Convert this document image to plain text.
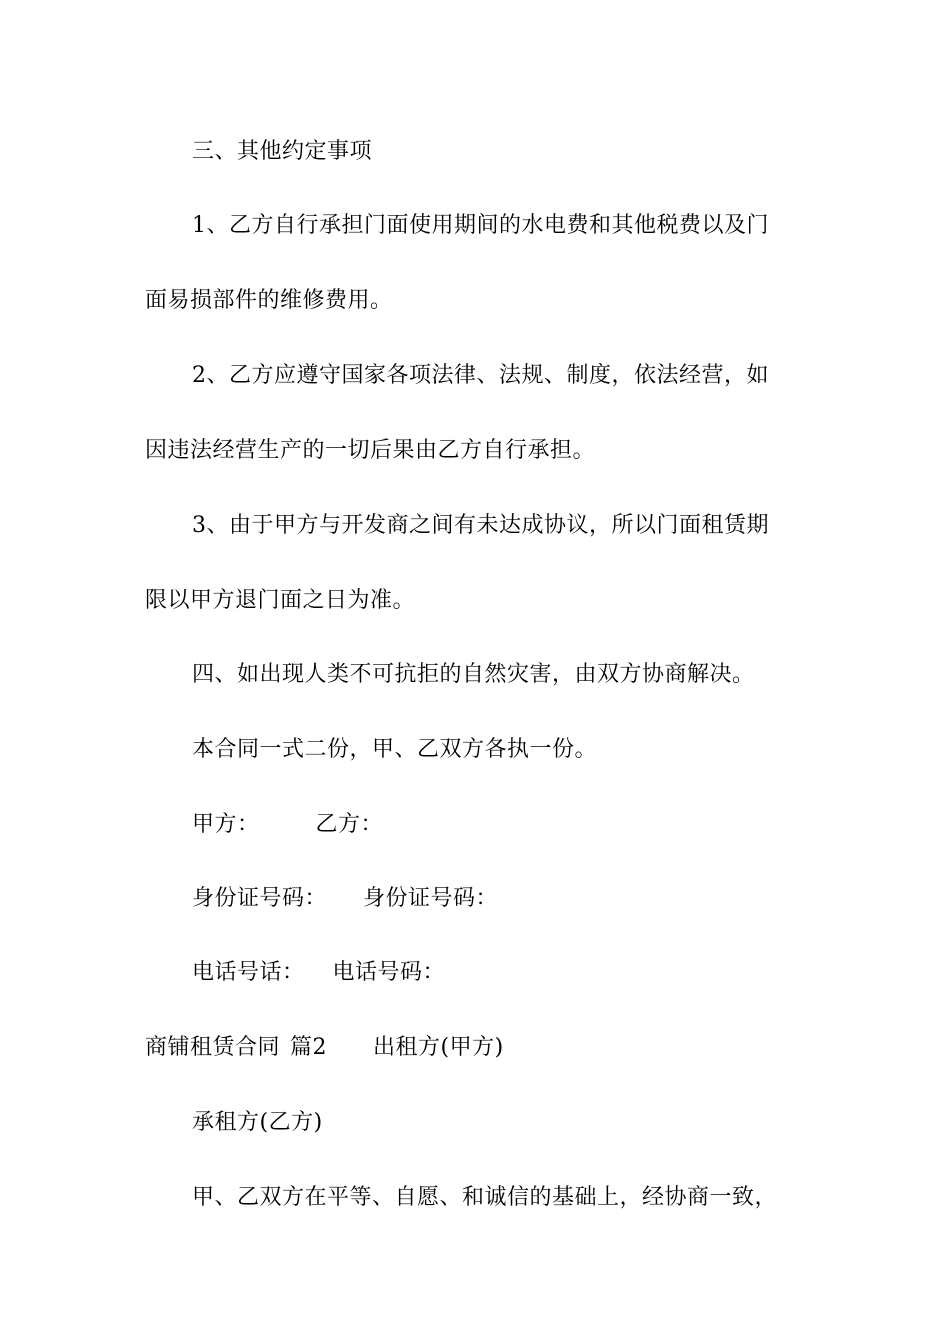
三、其他约定事项
1、乙方自行承担门面使用期间的水电费和其他税费以及门
面易损部件的维修费用。
2、乙方应遵守国家各项法律、法规、制度，依法经营，如
因违法经营生产的一切后果由乙方自行承担。
3、由于甲方与开发商之间有未达成协议，所以门面租赁期
限以甲方退门面之日为准。
四、如出现人类不可抗拒的自然灾害，由双方协商解决。
本合同一式二份，甲、乙双方各执一份。
甲方：	乙方：
身份证号码： 身份证号码：
电话号话： 电话号码：
商铺租赁合同 篇2 出租方(甲方)
承租方(乙方)
甲、乙双方在平等、自愿、和诚信的基础上，经协商一致，
